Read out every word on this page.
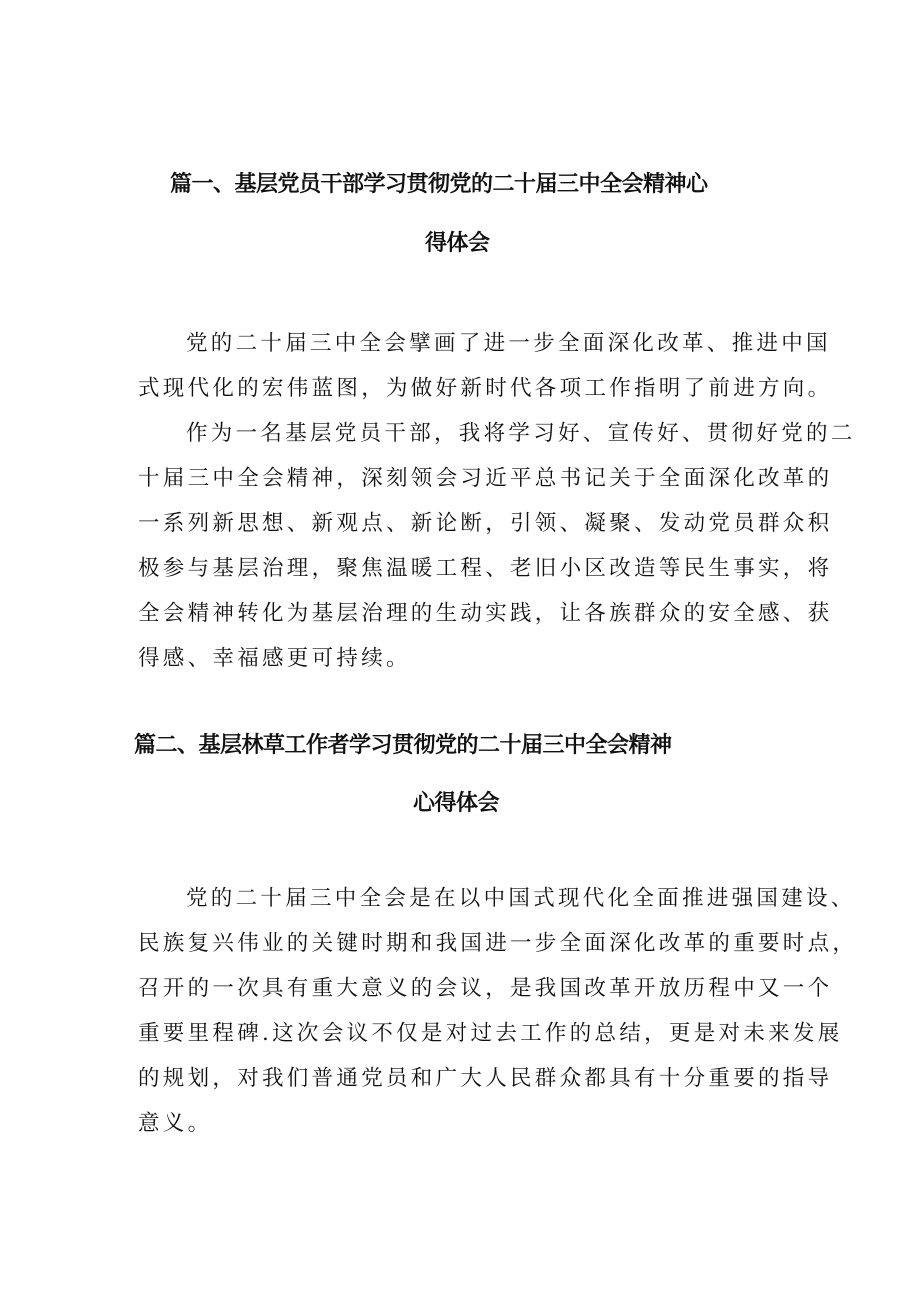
篇一、基层党员干部学习贯彻党的二十届三中全会精神心
得体会

党的二十届三中全会擘画了进一步全面深化改革、推进中国

式现代化的宏伟蓝图，为做好新时代各项工作指明了前进方向。

作为一名基层党员干部，我将学习好、宣传好、贯彻好党的二

十届三中全会精神，深刻领会习近平总书记关于全面深化改革的

一系列新思想、新观点、新论断，引领、凝聚、发动党员群众积

极参与基层治理，聚焦温暖工程、老旧小区改造等民生事实，将

全会精神转化为基层治理的生动实践，让各族群众的安全感、获

得感、幸福感更可持续。

篇二、基层林草工作者学习贯彻党的二十届三中全会精神
心得体会

党的二十届三中全会是在以中国式现代化全面推进强国建设、

民族复兴伟业的关键时期和我国进一步全面深化改革的重要时点，

召开的一次具有重大意义的会议，是我国改革开放历程中又一个

重要里程碑.这次会议不仅是对过去工作的总结，更是对未来发展

的规划，对我们普通党员和广大人民群众都具有十分重要的指导

意义。
